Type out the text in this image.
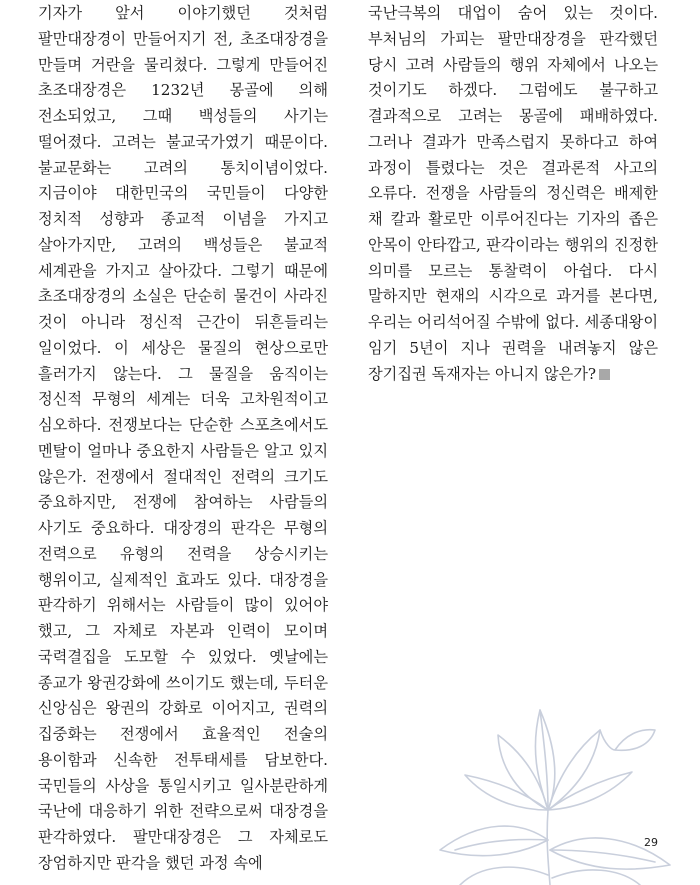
기자가 앞서 이야기했던 것처럼 팔만대장경이 만들어지기 전, 초조대장경을 만들며 거란을 물리쳤다. 그렇게 만들어진 초조대장경은 1232년 몽골에 의해 전소되었고, 그때 백성들의 사기는 떨어졌다. 고려는 불교국가였기 때문이다. 불교문화는 고려의 통치이념이었다. 지금이야 대한민국의 국민들이 다양한 정치적 성향과 종교적 이념을 가지고 살아가지만, 고려의 백성들은 불교적 세계관을 가지고 살아갔다. 그렇기 때문에 초조대장경의 소실은 단순히 물건이 사라진 것이 아니라 정신적 근간이 뒤흔들리는 일이었다. 이 세상은 물질의 현상으로만 흘러가지 않는다. 그 물질을 움직이는 정신적 무형의 세계는 더욱 고차원적이고 심오하다. 전쟁보다는 단순한 스포츠에서도 멘탈이 얼마나 중요한지 사람들은 알고 있지 않은가. 전쟁에서 절대적인 전력의 크기도 중요하지만, 전쟁에 참여하는 사람들의 사기도 중요하다. 대장경의 판각은 무형의 전력으로 유형의 전력을 상승시키는 행위이고, 실제적인 효과도 있다. 대장경을 판각하기 위해서는 사람들이 많이 있어야 했고, 그 자체로 자본과 인력이 모이며 국력결집을 도모할 수 있었다. 옛날에는 종교가 왕권강화에 쓰이기도 했는데, 두터운 신앙심은 왕권의 강화로 이어지고, 권력의 집중화는 전쟁에서 효율적인 전술의 용이함과 신속한 전투태세를 담보한다. 국민들의 사상을 통일시키고 일사분란하게 국난에 대응하기 위한 전략으로써 대장경을 판각하였다. 팔만대장경은 그 자체로도 장엄하지만 판각을 했던 과정 속에

국난극복의 대업이 숨어 있는 것이다. 부처님의 가피는 팔만대장경을 판각했던 당시 고려 사람들의 행위 자체에서 나오는 것이기도 하겠다. 그럼에도 불구하고 결과적으로 고려는 몽골에 패배하였다. 그러나 결과가 만족스럽지 못하다고 하여 과정이 틀렸다는 것은 결과론적 사고의 오류다. 전쟁을 사람들의 정신력은 배제한 채 칼과 활로만 이루어진다는 기자의 좁은 안목이 안타깝고, 판각이라는 행위의 진정한 의미를 모르는 통찰력이 아쉽다. 다시 말하지만 현재의 시각으로 과거를 본다면, 우리는 어리석어질 수밖에 없다. 세종대왕이 임기 5년이 지나 권력을 내려놓지 않은 장기집권 독재자는 아니지 않은가?

29
